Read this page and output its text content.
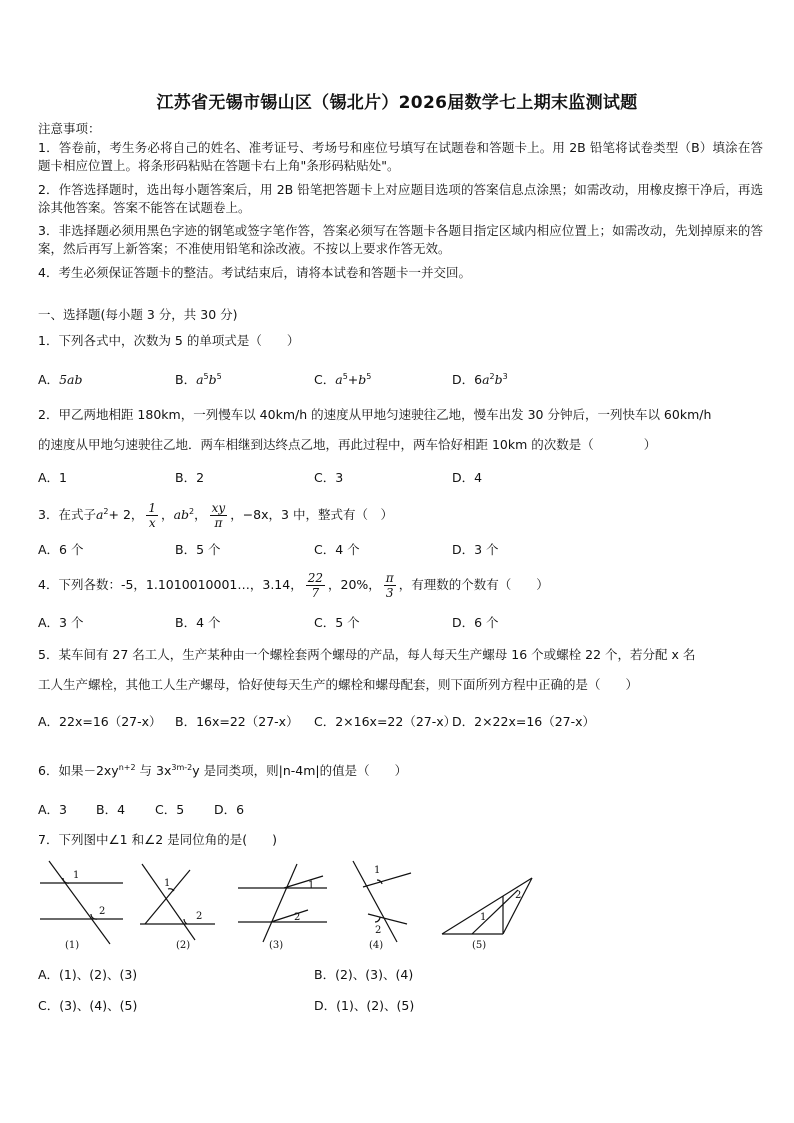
江苏省无锡市锡山区（锡北片）2026届数学七上期末监测试题
注意事项：
1．答卷前，考生务必将自己的姓名、准考证号、考场号和座位号填写在试题卷和答题卡上。用 2B 铅笔将试卷类型（B）填涂在答题卡相应位置上。将条形码粘贴在答题卡右上角"条形码粘贴处"。
2．作答选择题时，选出每小题答案后，用 2B 铅笔把答题卡上对应题目选项的答案信息点涂黑；如需改动，用橡皮擦干净后，再选涂其他答案。答案不能答在试题卷上。
3．非选择题必须用黑色字迹的钢笔或签字笔作答，答案必须写在答题卡各题目指定区域内相应位置上；如需改动，先划掉原来的答案，然后再写上新答案；不准使用铅笔和涂改液。不按以上要求作答无效。
4．考生必须保证答题卡的整洁。考试结束后，请将本试卷和答题卡一并交回。
一、选择题(每小题 3 分，共 30 分)
1．下列各式中，次数为 5 的单项式是（　　）
A．5ab	B．$a^5b^5$	C．$a^5+b^5$	D．$6a^2b^3$
2．甲乙两地相距 180km，一列慢车以 40km/h 的速度从甲地匀速驶往乙地，慢车出发 30 分钟后，一列快车以 60km/h
的速度从甲地匀速驶往乙地．两车相继到达终点乙地，再此过程中，两车恰好相距 10km 的次数是（　　　　）
A．1	B．2	C．3	D．4
3．在式子$a^2+ 2$， $\frac{1}{x}$ ，$ab^2$， $\frac{xy}{\pi}$ ，−8x，3 中，整式有（　）
A．6 个	B．5 个	C．4 个	D．3 个
4．下列各数：-5，1.1010010001…，3.14， $\frac{22}{7}$ ，20%， $\frac{\pi}{3}$ ，有理数的个数有（　　）
A．3 个	B．4 个	C．5 个	D．6 个
5．某车间有 27 名工人，生产某种由一个螺栓套两个螺母的产品，每人每天生产螺母 16 个或螺栓 22 个，若分配 x 名
工人生产螺栓，其他工人生产螺母，恰好使每天生产的螺栓和螺母配套，则下面所列方程中正确的是（　　）
A．22x=16（27-x） B．16x=22（27-x） C．2×16x=22（27-x）
D．2×22x=16（27-x）
6．如果$-2xy^{n+2}$ 与 $3x^{3m-2}y$ 是同类项，则|n-4m|的值是（　　）
A．3 B．4 C．5 D．6
7．下列图中∠1 和∠2 是同位角的是(　　)
1
2
(1)
1
2
(2)
1
2
(3)
1
2
(4)
1
2
(5)
A．(1)、(2)、(3)	B．(2)、(3)、(4)
C．(3)、(4)、(5)	D．(1)、(2)、(5)
